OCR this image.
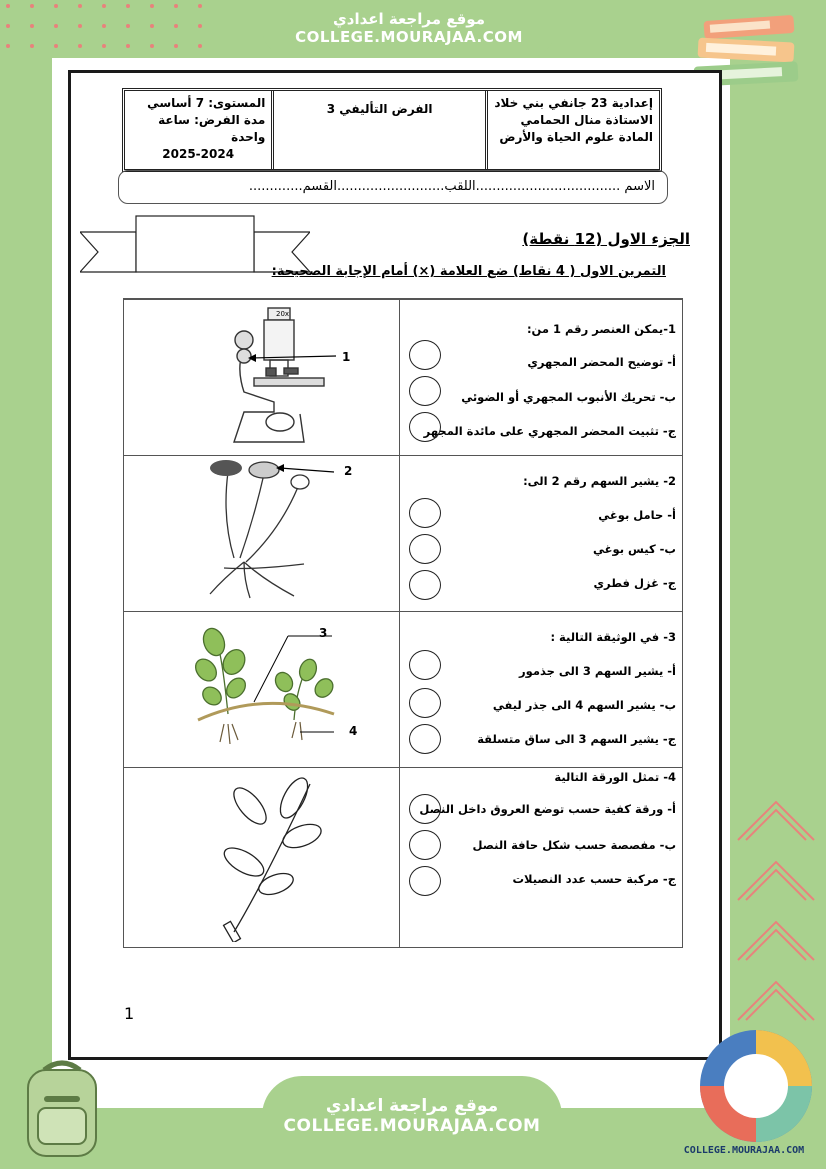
موقع مراجعة اعدادي
COLLEGE.MOURAJAA.COM
المستوى: 7 أساسي
مدة الفرض: ساعة واحدة
2025-2024
الفرض التأليفي 3	إعدادية 23 جانفي بني خلاد
الاستاذة منال الحمامي
المادة علوم الحياة والأرض
الاسم ...................................اللقب..........................القسم.............
الجزء الاول (12 نقطة)
التمرين الاول ( 4 نقاط) ضع العلامة (×) أمام الإجابة الصحيحة:
20x
1
1-يمكن العنصر رقم 1 من:
أ- توضيح المحضر المجهري
ب- تحريك الأنبوب المجهري أو الضوئي
ج- تثبيت المحضر المجهري على مائدة المجهر
2
2- يشير السهم رقم 2 الى:
أ- حامل بوغي
ب- كيس بوغي
ج- غزل فطري
3
4
3- في الوثيقة التالية :
أ- يشير السهم 3 الى جذمور
ب- يشير السهم 4 الى جذر ليفي
ج- يشير السهم 3 الى ساق متسلقة
4- تمثل الورقة التالية
أ- ورقة كفية حسب توضع العروق داخل النصل
ب- مفصصة حسب شكل حافة النصل
ج- مركبة حسب عدد النصيلات
1
موقع مراجعة اعدادي
COLLEGE.MOURAJAA.COM
COLLEGE.MOURAJAA.COM
